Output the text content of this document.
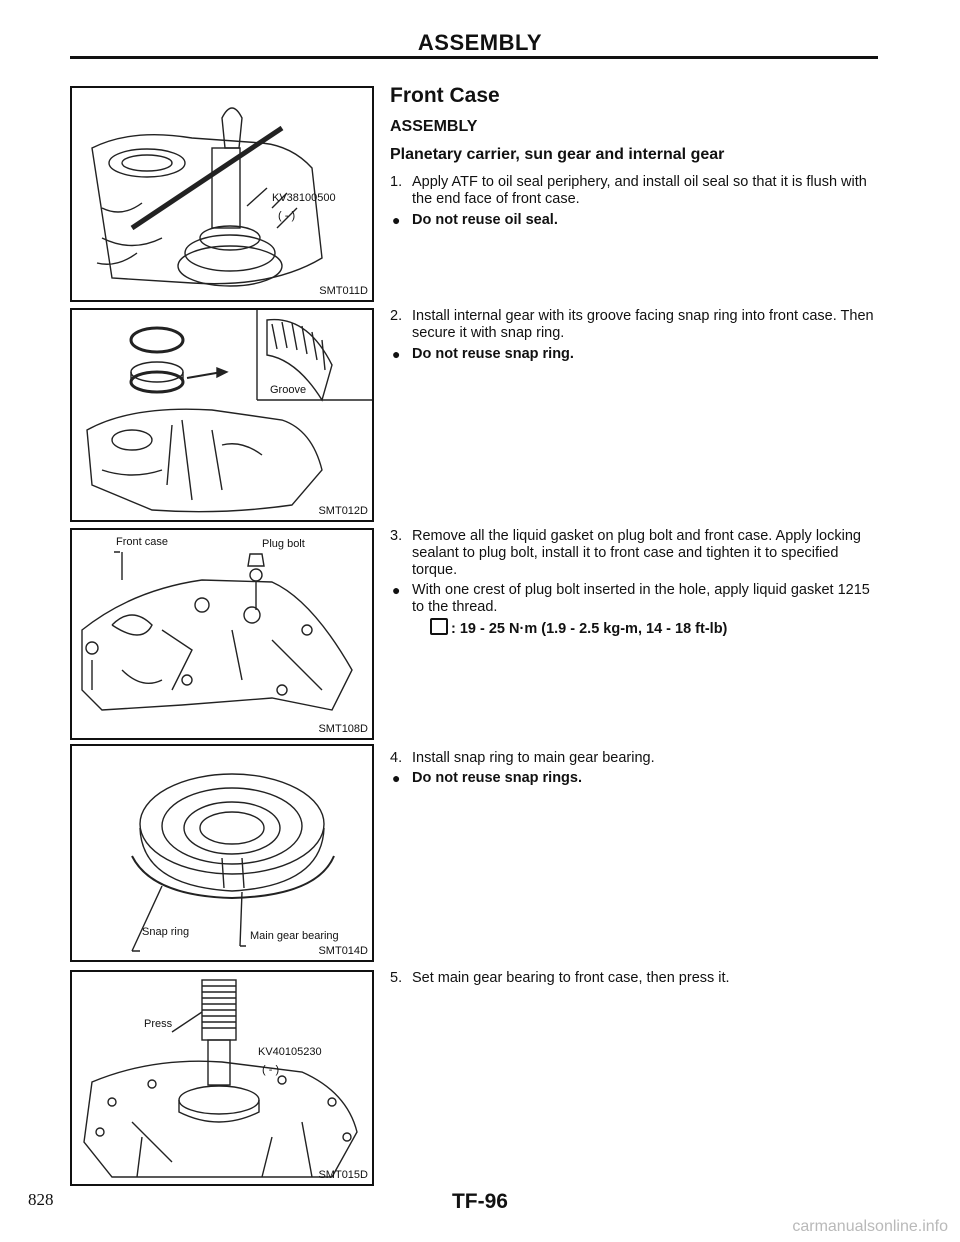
ASSEMBLY
KV38100500
( - )
SMT011D
Groove
SMT012D
Front case	Plug bolt
SMT108D
Snap ring	Main gear bearing
SMT014D
Press
KV40105230
( - )
SMT015D
Front Case
ASSEMBLY
Planetary carrier, sun gear and internal gear
1. Apply ATF to oil seal periphery, and install oil seal so that it is flush with the end face of front case.
● Do not reuse oil seal.
2. Install internal gear with its groove facing snap ring into front case. Then secure it with snap ring.
● Do not reuse snap ring.
3. Remove all the liquid gasket on plug bolt and front case. Apply locking sealant to plug bolt, install it to front case and tighten it to specified torque.
● With one crest of plug bolt inserted in the hole, apply liquid gasket 1215 to the thread.
: 19 - 25 N·m (1.9 - 2.5 kg-m, 14 - 18 ft-lb)
4. Install snap ring to main gear bearing.
● Do not reuse snap rings.
5. Set main gear bearing to front case, then press it.
828	TF-96
carmanualsonline.info
